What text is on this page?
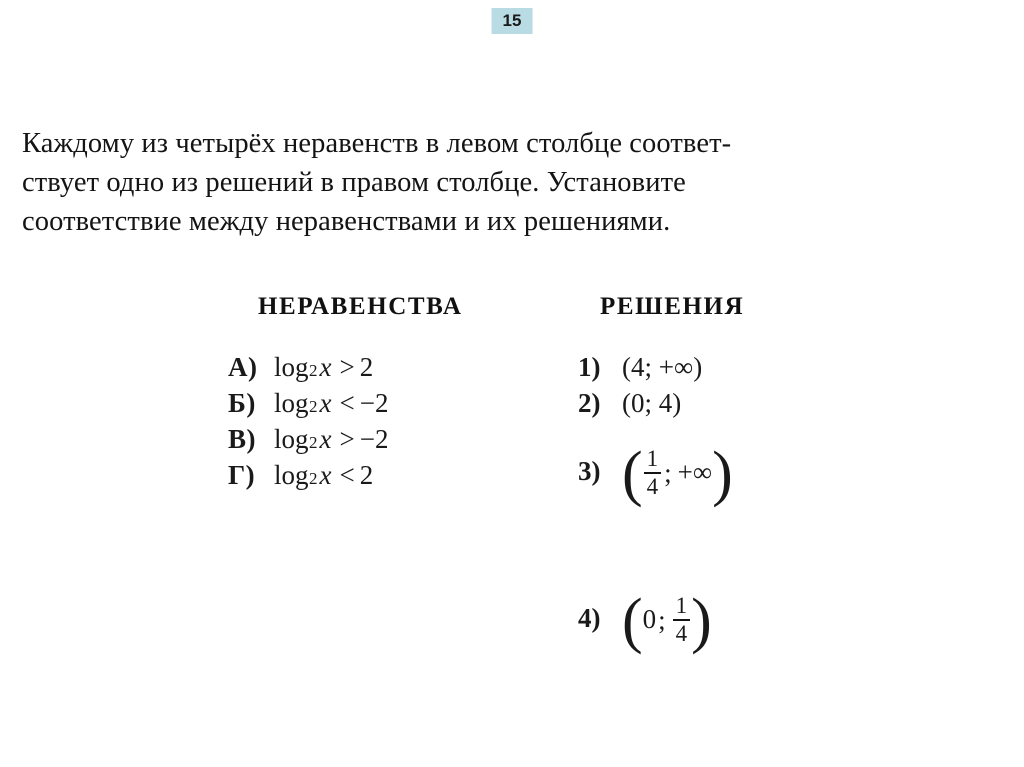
15
Каждому из четырёх неравенств в левом столбце соответ-
ствует одно из решений в правом столбце. Установите
соответствие между неравенствами и их решениями.
НЕРАВЕНСТВА	РЕШЕНИЯ
А) log 2 x > 2
Б) log 2 x < −2
В) log 2 x > −2
Г) log 2 x < 2
1) (4; +∞)
2) (0; 4)
3) ( $\frac{1}{4}$ ; +∞ )
4) ( 0 ; $\frac{1}{4}$ )
